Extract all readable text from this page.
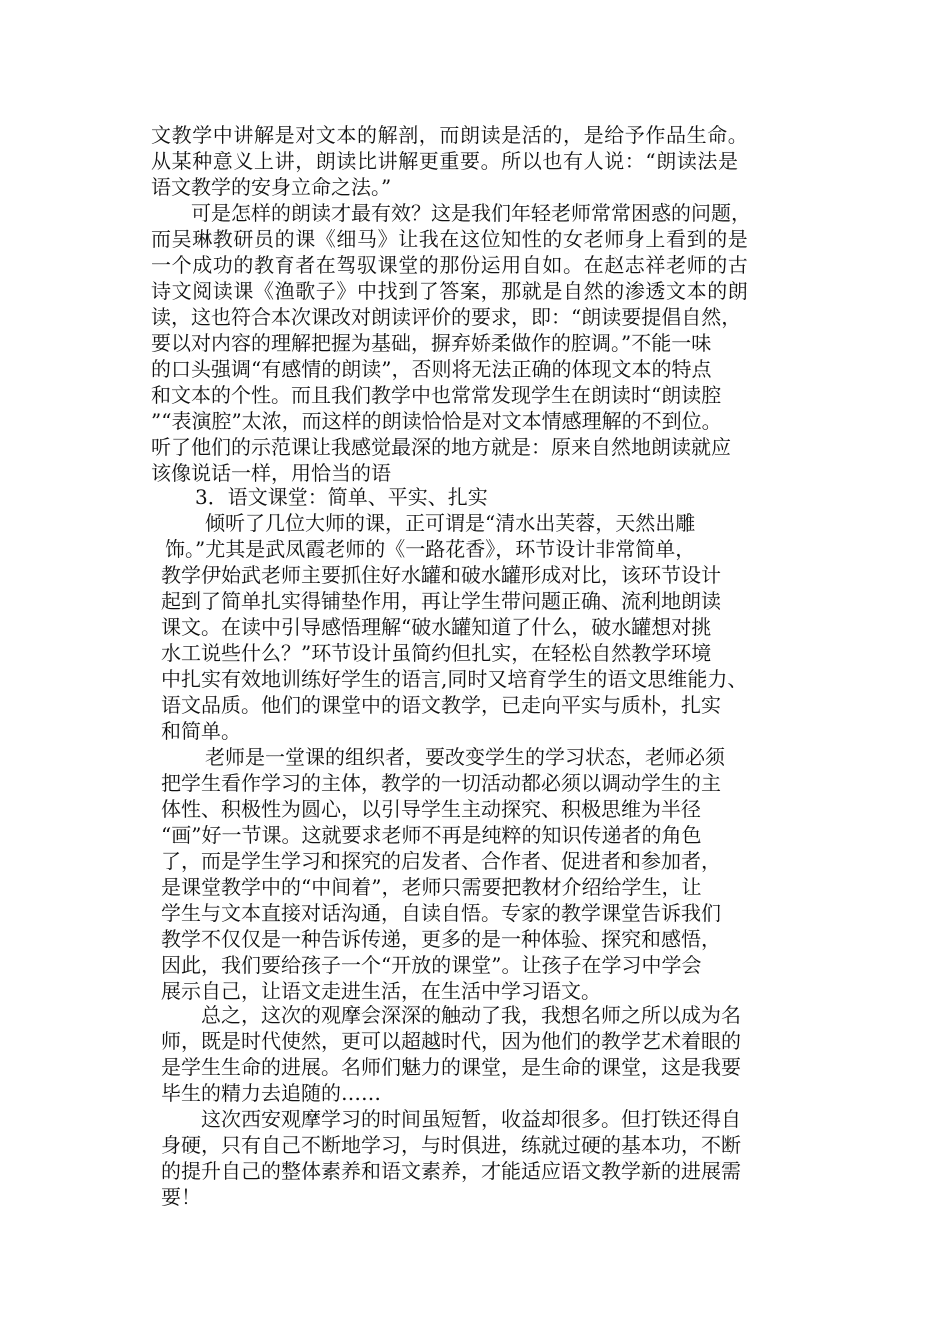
文教学中讲解是对文本的解剖，而朗读是活的，是给予作品生命。
从某种意义上讲，朗读比讲解更重要。所以也有人说：“朗读法是
语文教学的安身立命之法。”
可是怎样的朗读才最有效？这是我们年轻老师常常困惑的问题，
而吴琳教研员的课《细马》让我在这位知性的女老师身上看到的是
一个成功的教育者在驾驭课堂的那份运用自如。在赵志祥老师的古
诗文阅读课《渔歌子》中找到了答案，那就是自然的渗透文本的朗
读，这也符合本次课改对朗读评价的要求，即：“朗读要提倡自然，
要以对内容的理解把握为基础，摒弃娇柔做作的腔调。”不能一味
的口头强调“有感情的朗读”，否则将无法正确的体现文本的特点
和文本的个性。而且我们教学中也常常发现学生在朗读时“朗读腔
”“表演腔”太浓，而这样的朗读恰恰是对文本情感理解的不到位。
听了他们的示范课让我感觉最深的地方就是：原来自然地朗读就应
该像说话一样，用恰当的语
3．语文课堂：简单、平实、扎实
倾听了几位大师的课，正可谓是“清水出芙蓉，天然出雕
饰。”尤其是武凤霞老师的《一路花香》，环节设计非常简单，
教学伊始武老师主要抓住好水罐和破水罐形成对比，该环节设计
起到了简单扎实得铺垫作用，再让学生带问题正确、流利地朗读
课文。在读中引导感悟理解“破水罐知道了什么，破水罐想对挑
水工说些什么？”环节设计虽简约但扎实，在轻松自然教学环境
中扎实有效地训练好学生的语言,同时又培育学生的语文思维能力、
语文品质。他们的课堂中的语文教学，已走向平实与质朴，扎实
和简单。
老师是一堂课的组织者，要改变学生的学习状态，老师必须
把学生看作学习的主体，教学的一切活动都必须以调动学生的主
体性、积极性为圆心，以引导学生主动探究、积极思维为半径
“画”好一节课。这就要求老师不再是纯粹的知识传递者的角色
了，而是学生学习和探究的启发者、合作者、促进者和参加者，
是课堂教学中的“中间着”，老师只需要把教材介绍给学生，让
学生与文本直接对话沟通，自读自悟。专家的教学课堂告诉我们
教学不仅仅是一种告诉传递，更多的是一种体验、探究和感悟，
因此，我们要给孩子一个“开放的课堂”。让孩子在学习中学会
展示自己，让语文走进生活，在生活中学习语文。
总之，这次的观摩会深深的触动了我，我想名师之所以成为名
师，既是时代使然，更可以超越时代，因为他们的教学艺术着眼的
是学生生命的进展。名师们魅力的课堂，是生命的课堂，这是我要
毕生的精力去追随的……
这次西安观摩学习的时间虽短暂，收益却很多。但打铁还得自
身硬，只有自己不断地学习，与时俱进，练就过硬的基本功，不断
的提升自己的整体素养和语文素养，才能适应语文教学新的进展需
要！
